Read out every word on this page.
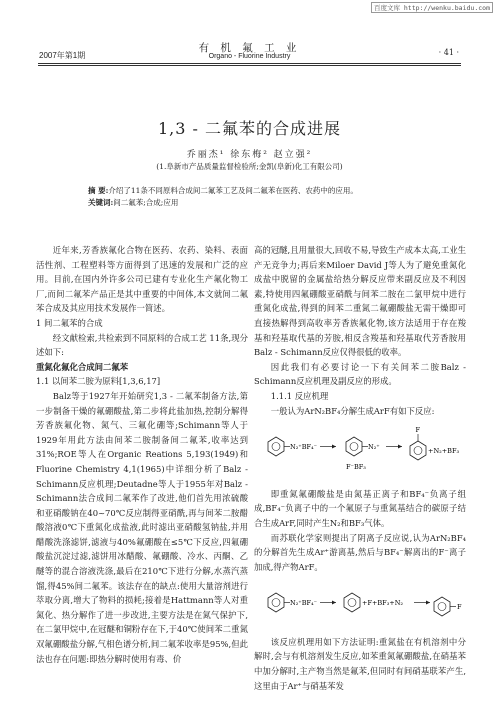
百度文库 http://wenku.baidu.com
有 机 氟 工 业
Organo - Fluorine Industry
2007年第1期	· 41 ·
1,3 - 二氟苯的合成进展
乔丽杰¹ 徐东梅² 赵立强²
(1.阜新市产品质量监督检验所;金凯(阜新)化工有限公司)
摘 要:介绍了11条不同原料合成间二氟苯工艺及间二氟苯在医药、农药中的应用。
关键词:间二氟苯;合成;应用

近年来,芳香族氟化合物在医药、农药、染料、表面活性剂、工程塑料等方面得到了迅速的发展和广泛的应用。目前,在国内外许多公司已建有专业化生产氟化物工厂,而间二氟苯产品正是其中重要的中间体,本文就间二氟苯合成及其应用技术发展作一简述。

1 间二氟苯的合成

经文献检索,共检索到不同原料的合成工艺 11条,现分述如下:

重氮化氟化合成间二氟苯

1.1 以间苯二胺为原料[1,3,6,17]

Balz等于1927年开始研究1,3 - 二氟苯制备方法,第一步制备干燥的氟硼酸盐,第二步将此盐加热,控制分解得芳香族氟化物、氮气、三氟化硼等;Schimann等人于1929年用此方法由间苯二胺制备间二氟苯,收率达到31%;ROE等人在Organic Reations 5,193(1949)和Fluorine Chemistry 4,1(1965)中详细分析了Balz - Schimann反应机理;Deutadne等人于1955年对Balz - Schimann法合成间二氟苯作了改进,他们首先用浓硫酸和亚硝酸钠在40~70℃反应制得亚硝酰,再与间苯二胺醋酸溶液0℃下重氮化成盐液,此时滤出亚硝酸氢钠盐,并用醋酸洗涤滤饼,滤液与40%氟硼酸在≤5℃下反应,四氟硼酸盐沉淀过滤,滤饼用冰醋酸、氟硼酸、冷水、丙酮、乙醚等的混合溶液洗涤,最后在210℃下进行分解,水蒸汽蒸馏,得45%间二氟苯。该法存在的缺点:使用大量溶剂进行萃取分离,增大了物料的损耗;接着是Hattmann等人对重氮化、热分解作了进一步改进,主要方法是在氮气保护下,在二氯甲烷中,在冠醚和铜粉存在下,于40℃使间苯二重氮双氟硼酸盐分解,气相色谱分析,间二氟苯收率是95%,但此法也存在问题:即热分解时使用有毒、价

高的冠醚,且用量很大,回收不易,导致生产成本太高,工业生产无竞争力;再后来Miloer David J等人为了避免重氮化成盐中脱留的金属盐给热分解反应带来副反应及不利因素,特使用四氟硼酸亚硝酰与间苯二胺在二氯甲烷中进行重氮化成盐,得到的间苯二重氮二氟硼酸盐无需干燥即可直接热解得到高收率芳香族氟化物,该方法适用于存在羧基和羟基取代基的芳胺,相反含羧基和羟基取代芳香胺用Balz - Schimann反应仅得很低的收率。

因此我们有必要讨论一下有关间苯二胺Balz - Schimann反应机理及副反应的形成。

1.1.1 反应机理

一般认为ArN₂BF₄分解生成ArF有如下反应:

N₂⁺BF₄⁻	N₂⁺
F⁻BF₃
F
+N₂+BF₃

即重氮氟硼酸盐是由氮基正离子和BF₄⁻负离子组成,BF₄⁻负离子中的一个氟原子与重氮基结合的碳原子结合生成ArF,同时产生N₂和BF₃气体。

而苏联化学家则提出了阴离子反应说,认为ArN₂BF₄的分解首先生成Ar⁺游离基,然后与BF₄⁻解离出的F⁻离子加成,得产物ArF。

N₂⁺BF₄⁻	+F+BF₃+N₂	F

该反应机理用如下方法证明:重氮盐在有机溶剂中分解时,会与有机溶剂发生反应,如苯重氮氟硼酸盐,在硝基苯中加分解时,主产物当然是氟苯,但同时有间硝基联苯产生,这里由于Ar⁺与硝基苯发
